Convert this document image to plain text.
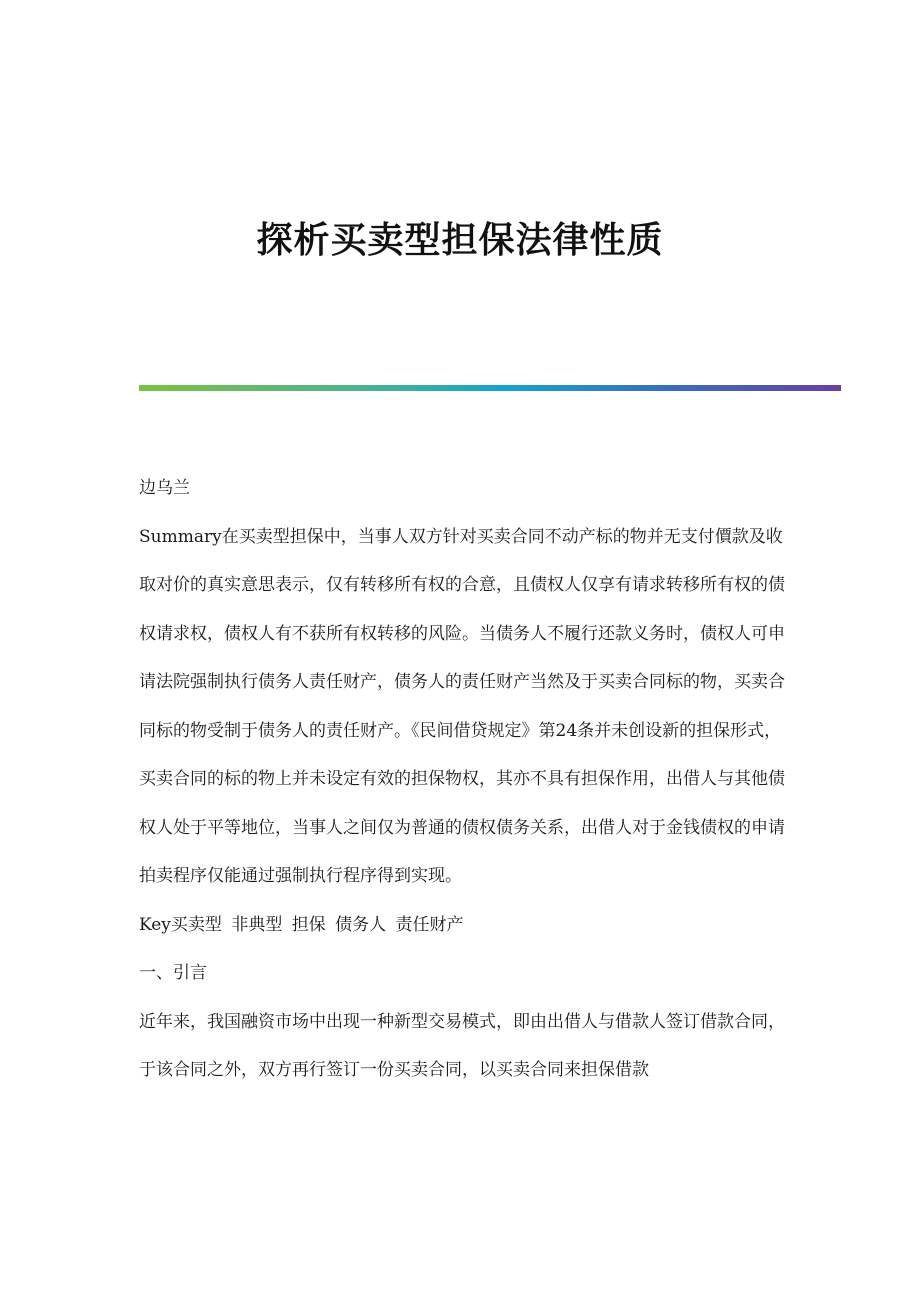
探析买卖型担保法律性质

边乌兰

Summary在买卖型担保中，当事人双方针对买卖合同不动产标的物并无支付價款及收取对价的真实意思表示，仅有转移所有权的合意，且债权人仅享有请求转移所有权的债权请求权，债权人有不获所有权转移的风险。当债务人不履行还款义务时，债权人可申请法院强制执行债务人责任财产，债务人的责任财产当然及于买卖合同标的物，买卖合同标的物受制于债务人的责任财产。《民间借贷规定》第24条并未创设新的担保形式，买卖合同的标的物上并未设定有效的担保物权，其亦不具有担保作用，出借人与其他债权人处于平等地位，当事人之间仅为普通的债权债务关系，出借人对于金钱债权的申请拍卖程序仅能通过强制执行程序得到实现。

Key买卖型 非典型 担保 债务人 责任财产

一、引言

近年来，我国融资市场中出现一种新型交易模式，即由出借人与借款人签订借款合同，于该合同之外，双方再行签订一份买卖合同，以买卖合同来担保借款
